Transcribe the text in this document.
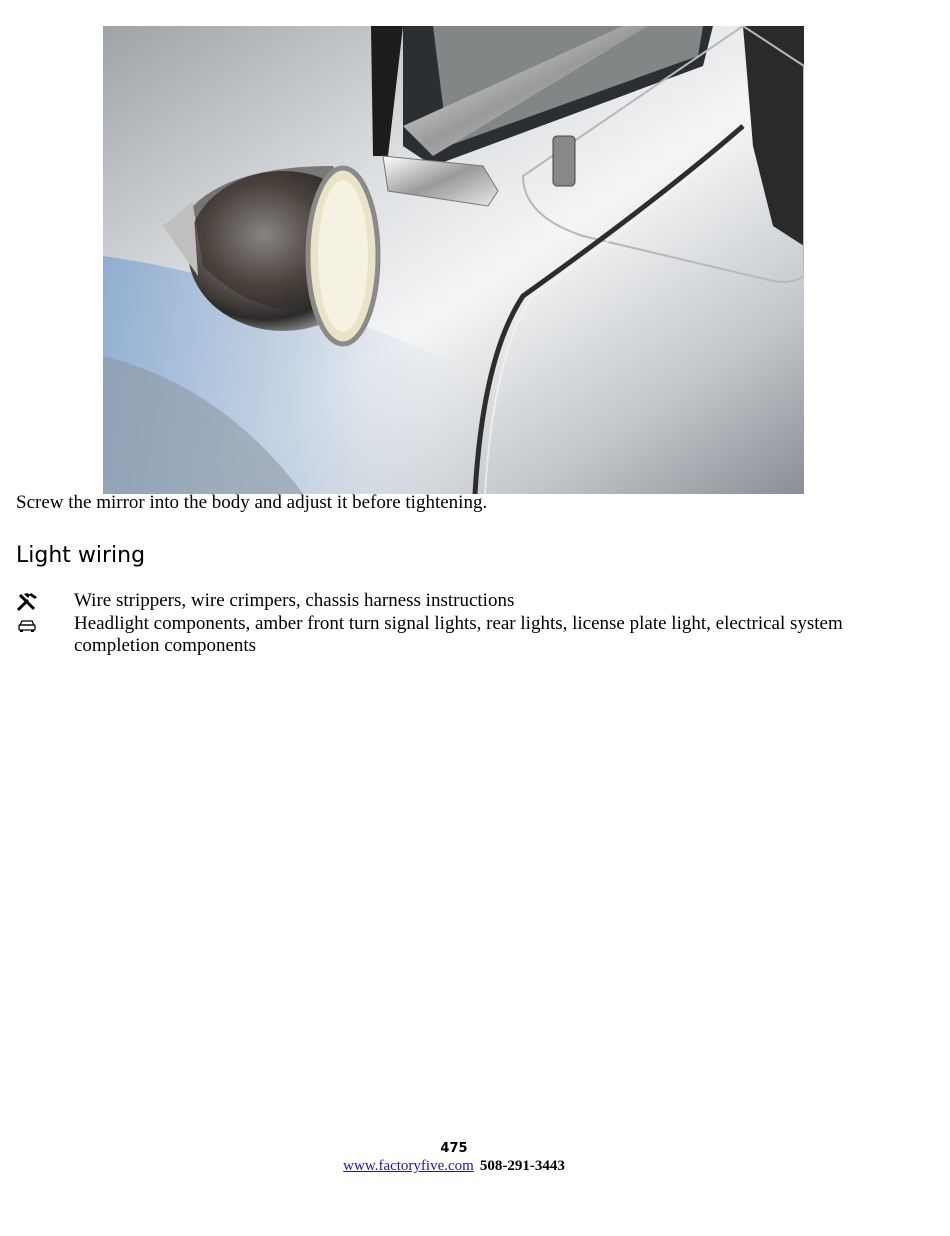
Screw the mirror into the body and adjust it before tightening.
Light wiring
Wire strippers, wire crimpers, chassis harness instructions
Headlight components, amber front turn signal lights, rear lights, license plate light, electrical system completion components
475
www.factoryfive.com 508-291-3443
